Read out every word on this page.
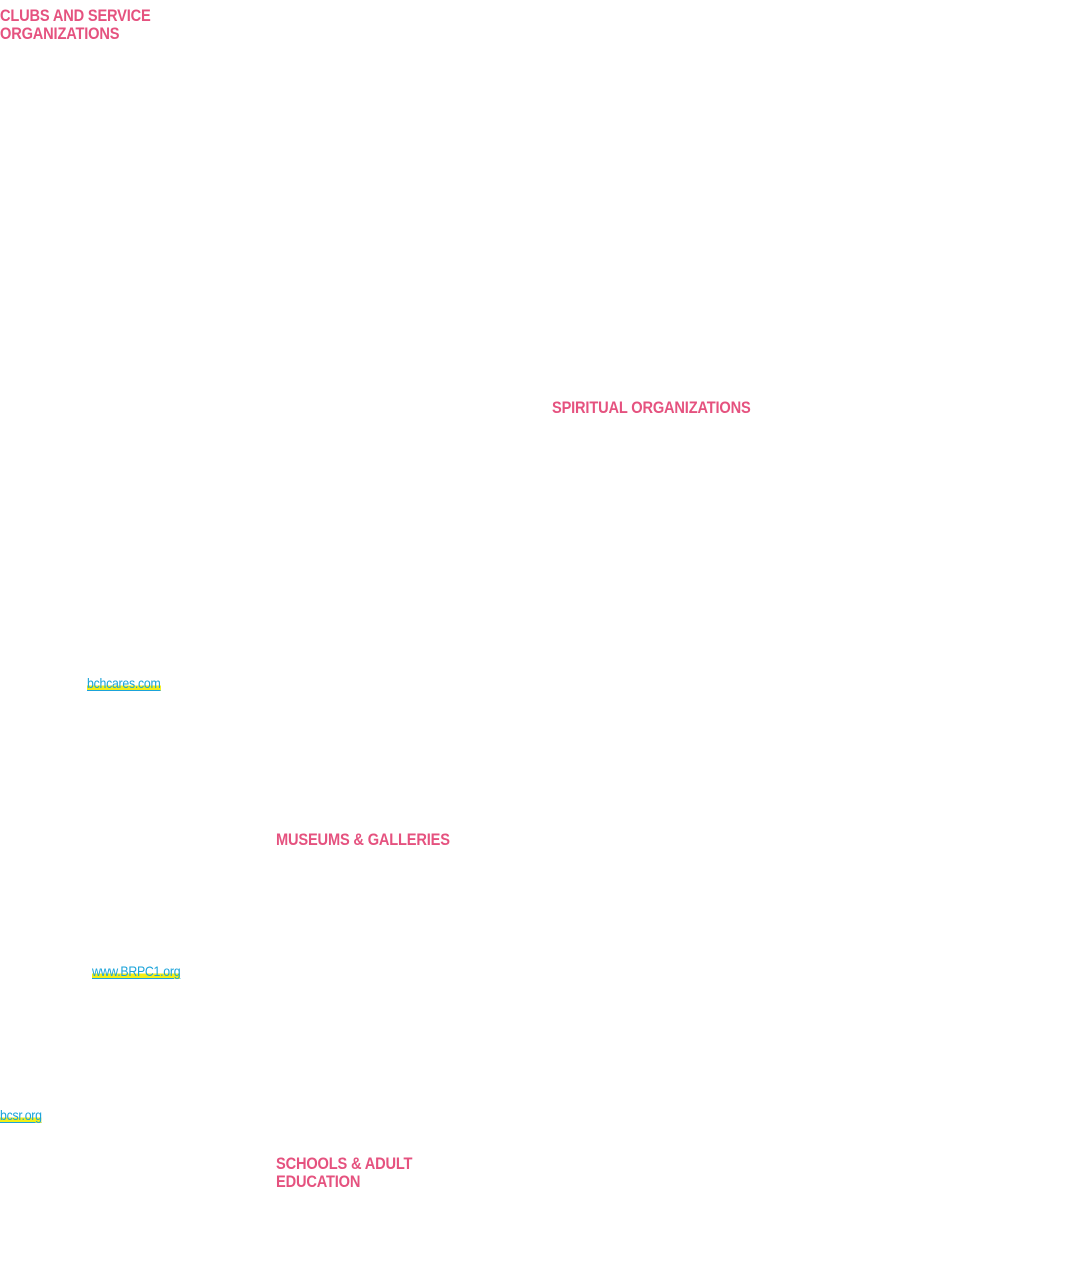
CLUBS AND SERVICE ORGANIZATIONS
SPIRITUAL ORGANIZATIONS
bchcares.com
MUSEUMS & GALLERIES
www.BRPC1.org
bcsr.org
SCHOOLS & ADULT EDUCATION
